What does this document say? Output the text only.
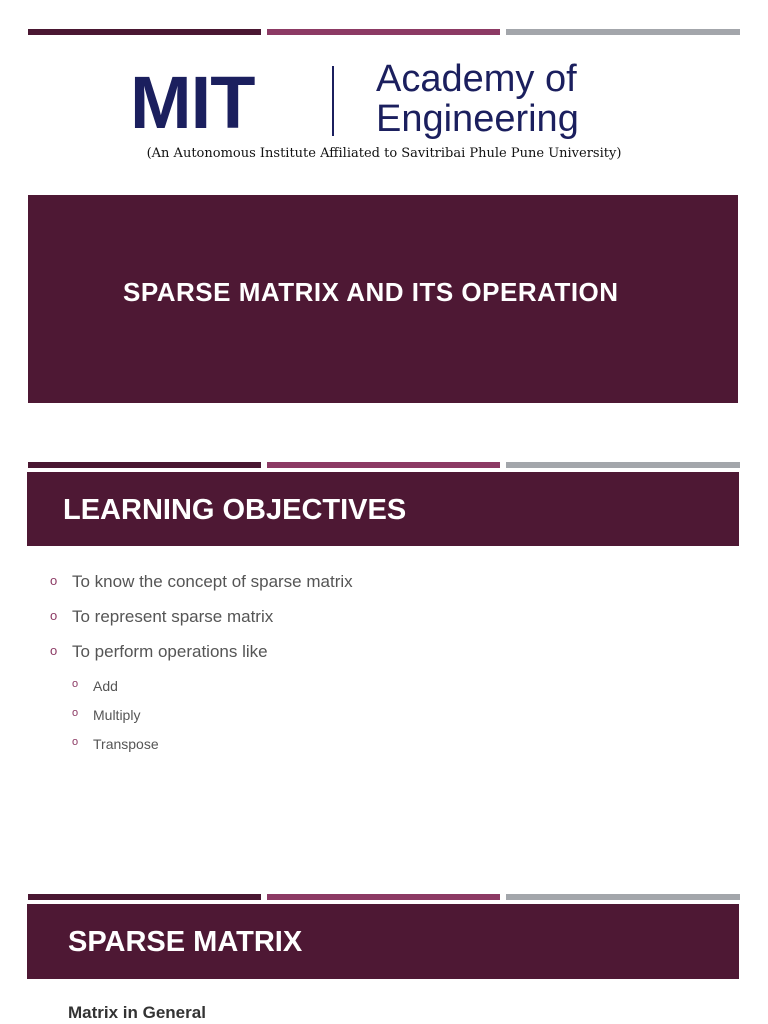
MIT	Academy of
Engineering
(An Autonomous Institute Affiliated to Savitribai Phule Pune University)
SPARSE MATRIX AND ITS OPERATION
LEARNING OBJECTIVES
o To know the concept of sparse matrix
o To represent sparse matrix
o To perform operations like
o Add
o Multiply
o Transpose
SPARSE MATRIX
Matrix in General
